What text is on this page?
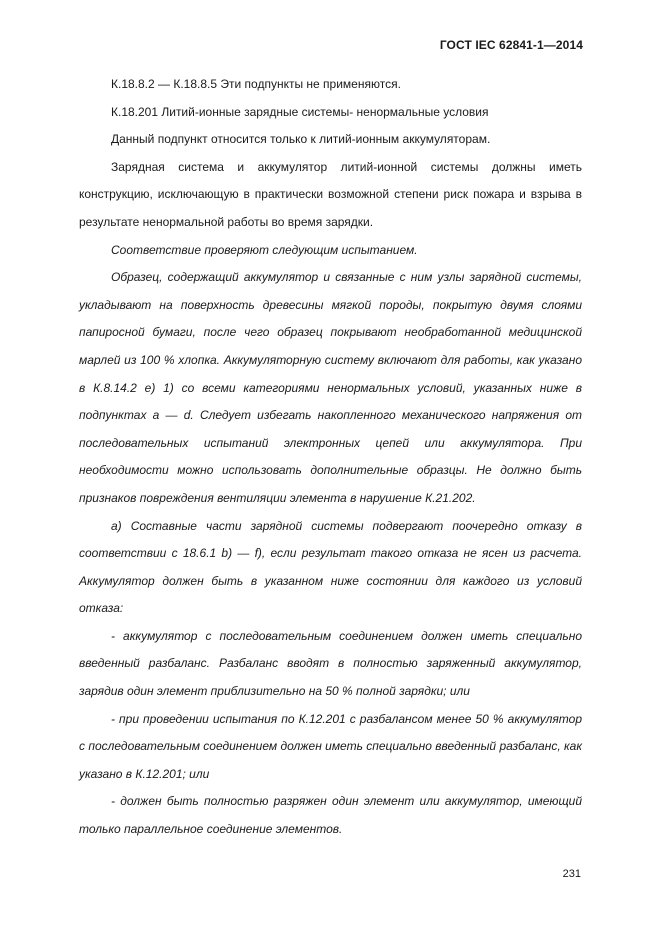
ГОСТ IEC 62841-1—2014

К.18.8.2 — К.18.8.5 Эти подпункты не применяются.

К.18.201 Литий-ионные зарядные системы- ненормальные условия

Данный подпункт относится только к литий-ионным аккумуляторам.

Зарядная система и аккумулятор литий-ионной системы должны иметь конструкцию, исключающую в практически возможной степени риск пожара и взрыва в результате ненормальной работы во время зарядки.

Соответствие проверяют следующим испытанием.

Образец, содержащий аккумулятор и связанные с ним узлы зарядной системы, укладывают на поверхность древесины мягкой породы, покрытую двумя слоями папиросной бумаги, после чего образец покрывают необработанной медицинской марлей из 100 % хлопка. Аккумуляторную систему включают для работы, как указано в К.8.14.2 е) 1) со всеми категориями ненормальных условий, указанных ниже в подпунктах а — d. Следует избегать накопленного механического напряжения от последовательных испытаний электронных цепей или аккумулятора. При необходимости можно использовать дополнительные образцы. Не должно быть признаков повреждения вентиляции элемента в нарушение К.21.202.

а) Составные части зарядной системы подвергают поочередно отказу в соответствии с 18.6.1 b) — f), если результат такого отказа не ясен из расчета. Аккумулятор должен быть в указанном ниже состоянии для каждого из условий отказа:

- аккумулятор с последовательным соединением должен иметь специально введенный разбаланс. Разбаланс вводят в полностью заряженный аккумулятор, зарядив один элемент приблизительно на 50 % полной зарядки; или

- при проведении испытания по К.12.201 с разбалансом менее 50 % аккумулятор с последовательным соединением должен иметь специально введенный разбаланс, как указано в К.12.201; или

- должен быть полностью разряжен один элемент или аккумулятор, имеющий только параллельное соединение элементов.

231
